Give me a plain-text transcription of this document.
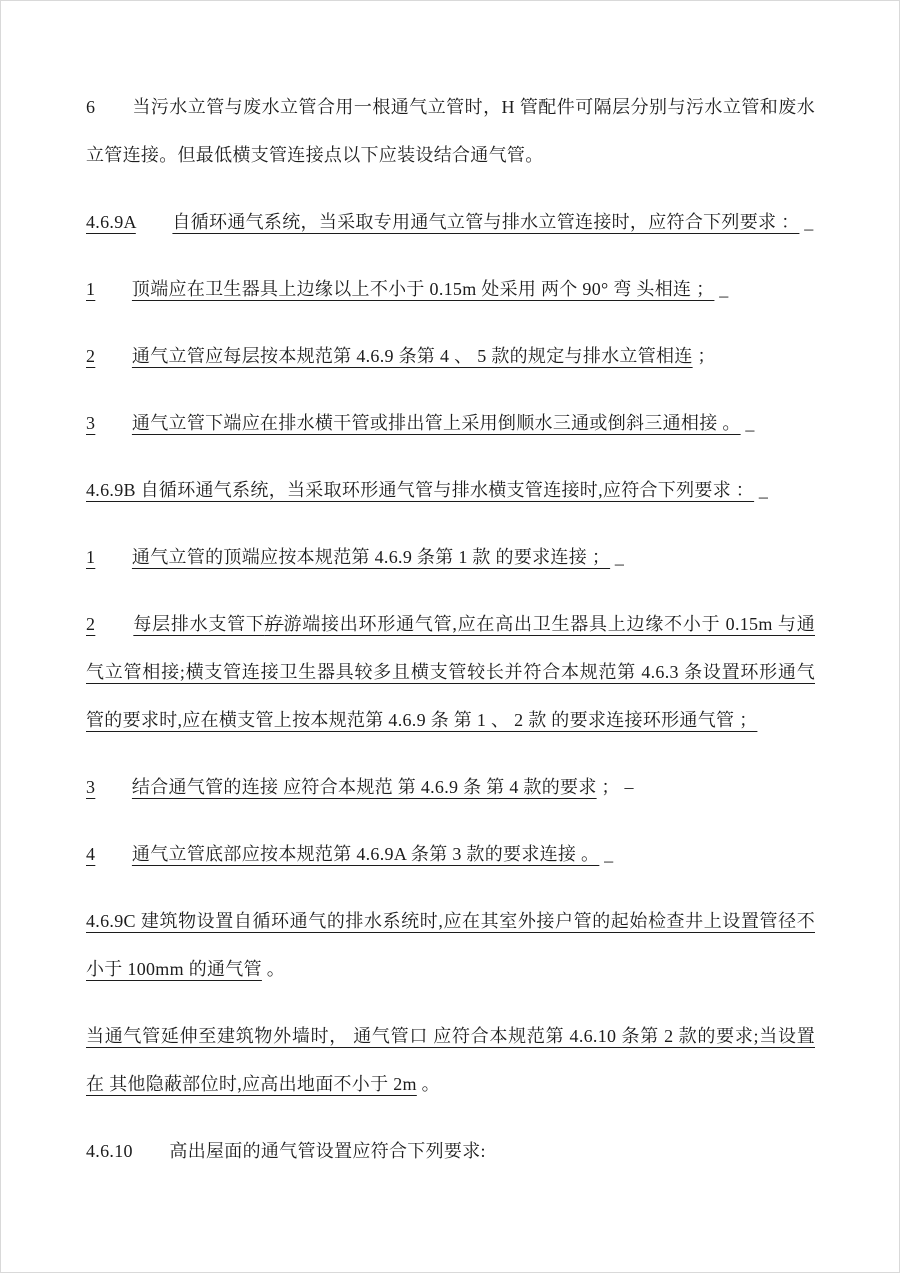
6　　当污水立管与废水立管合用一根通气立管时，H 管配件可隔层分别与污水立管和废水立管连接。但最低横支管连接点以下应装设结合通气管。

4.6.9A　　 自循环通气系统，当采取专用通气立管与排水立管连接时，应符合下列要求 ： _

1　　 顶端应在卫生器具上边缘以上不小于 0.15m 处采用 两个 90° 弯 头相连 ； _

2　　 通气立管应每层按本规范第 4.6.9 条第 4 、 5 款的规定与排水立管相连 ；

3　　 通气立管下端应在排水横干管或排出管上采用倒顺水三通或倒斜三通相接 。 _

4.6.9B 自循环通气系统，当采取环形通气管与排水横支管连接时,应符合下列要求 ： _

1　　 通气立管的顶端应按本规范第 4.6.9 条第 1 款 的要求连接 ； _

2　　 每层排水支管下斿游端接出环形通气管,应在高出卫生器具上边缘不小于 0.15m 与通气立管相接;横支管连接卫生器具较多且横支管较长并符合本规范第 4.6.3 条设置环形通气管的要求时,应在横支管上按本规范第 4.6.9 条 第 1 、 2 款 的要求连接环形通气管 ；

3　　 结合通气管的连接 应符合本规范 第 4.6.9 条 第 4 款的要求 ； –

4　　 通气立管底部应按本规范第 4.6.9A 条第 3 款的要求连接 。 _

4.6.9C 建筑物设置自循环通气的排水系统时,应在其室外接户管的起始检查井上设置管径不小于 100mm 的通气管 。

当通气管延伸至建筑物外墙时， 通气管口 应符合本规范第 4.6.10 条第 2 款的要求;当设置在 其他隐蔽部位时,应高出地面不小于 2m 。

4.6.10　　高出屋面的通气管设置应符合下列要求:
